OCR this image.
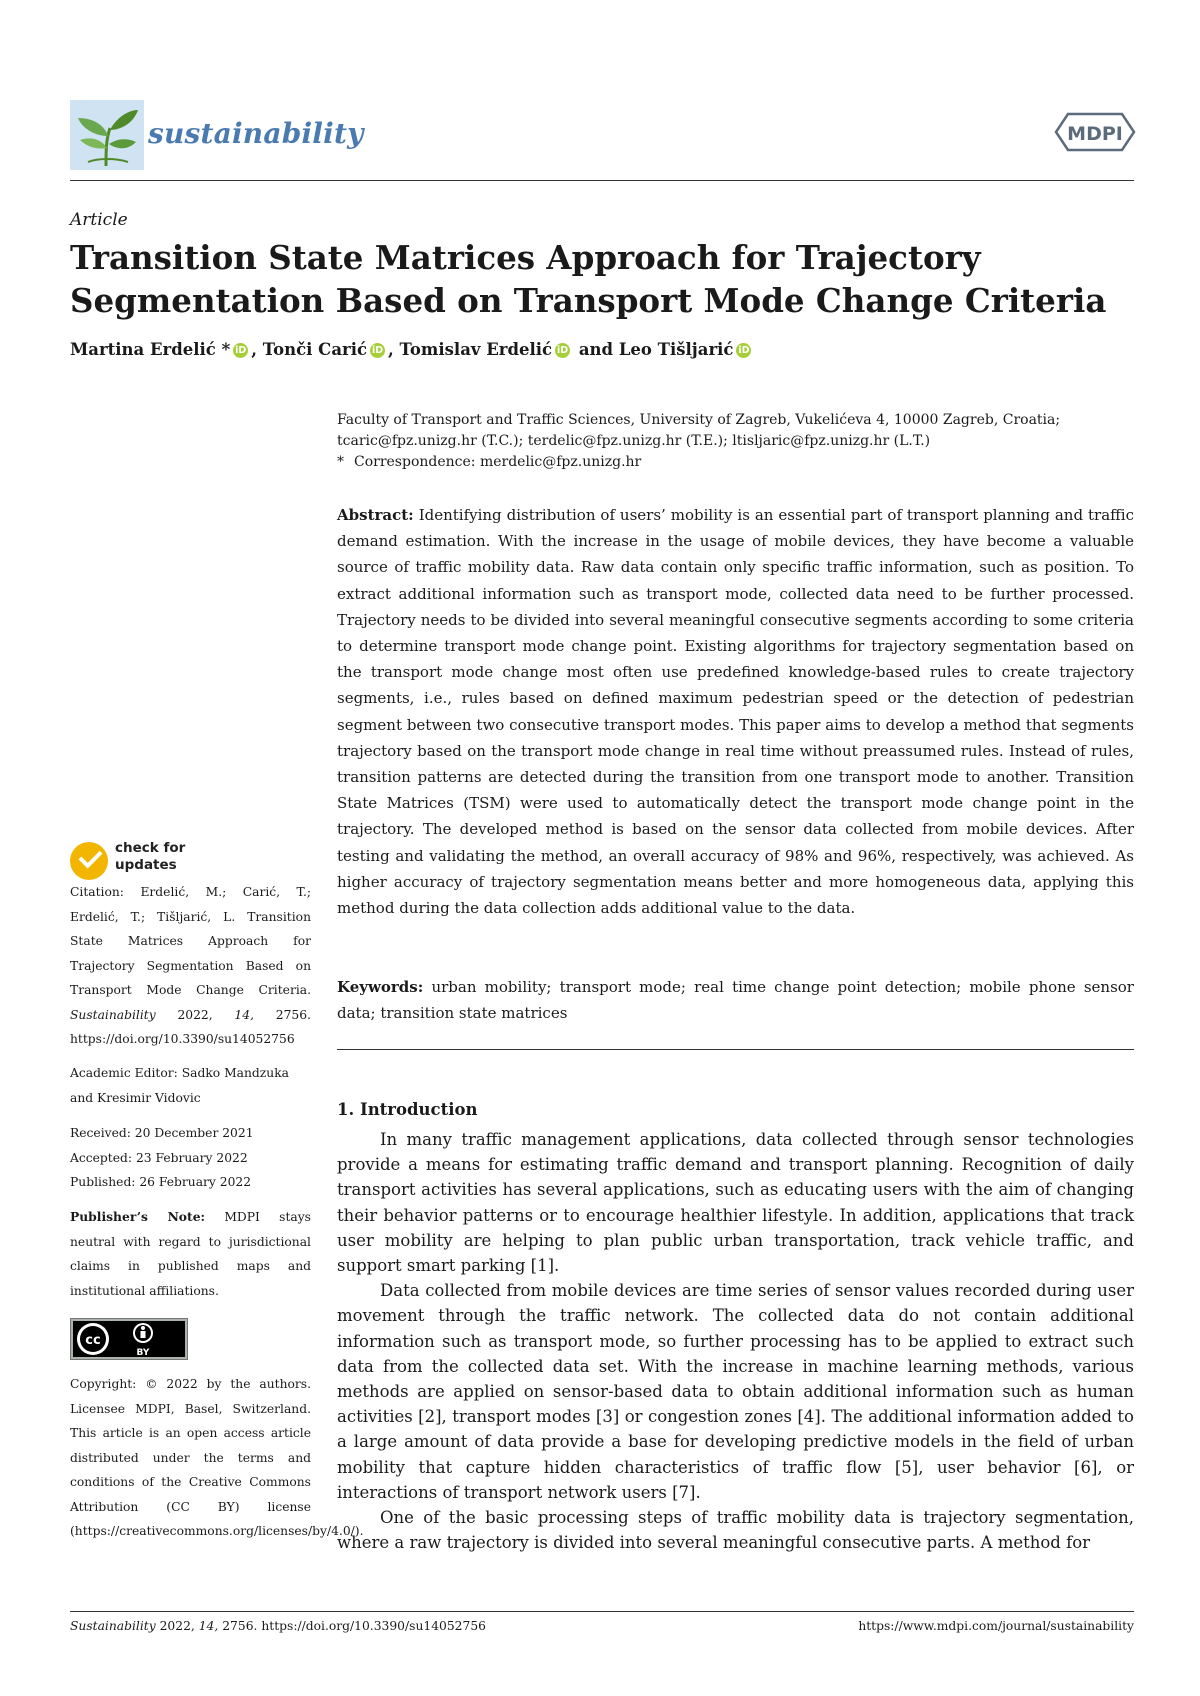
sustainability	MDPI
Article
Transition State Matrices Approach for Trajectory Segmentation Based on Transport Mode Change Criteria
Martina Erdelić * iD , Tonči Carić iD , Tomislav Erdelić iD and Leo Tišljarić iD
Faculty of Transport and Traffic Sciences, University of Zagreb, Vukelićeva 4, 10000 Zagreb, Croatia;
tcaric@fpz.unizg.hr (T.C.); terdelic@fpz.unizg.hr (T.E.); ltisljaric@fpz.unizg.hr (L.T.)
* Correspondence: merdelic@fpz.unizg.hr

Abstract: Identifying distribution of users’ mobility is an essential part of transport planning and traffic demand estimation. With the increase in the usage of mobile devices, they have become a valuable source of traffic mobility data. Raw data contain only specific traffic information, such as position. To extract additional information such as transport mode, collected data need to be further processed. Trajectory needs to be divided into several meaningful consecutive segments according to some criteria to determine transport mode change point. Existing algorithms for trajectory segmentation based on the transport mode change most often use predefined knowledge-based rules to create trajectory segments, i.e., rules based on defined maximum pedestrian speed or the detection of pedestrian segment between two consecutive transport modes. This paper aims to develop a method that segments trajectory based on the transport mode change in real time without preassumed rules. Instead of rules, transition patterns are detected during the transition from one transport mode to another. Transition State Matrices (TSM) were used to automatically detect the transport mode change point in the trajectory. The developed method is based on the sensor data collected from mobile devices. After testing and validating the method, an overall accuracy of 98% and 96%, respectively, was achieved. As higher accuracy of trajectory segmentation means better and more homogeneous data, applying this method during the data collection adds additional value to the data.

Keywords: urban mobility; transport mode; real time change point detection; mobile phone sensor data; transition state matrices

1. Introduction

In many traffic management applications, data collected through sensor technologies provide a means for estimating traffic demand and transport planning. Recognition of daily transport activities has several applications, such as educating users with the aim of changing their behavior patterns or to encourage healthier lifestyle. In addition, applications that track user mobility are helping to plan public urban transportation, track vehicle traffic, and support smart parking [1].

Data collected from mobile devices are time series of sensor values recorded during user movement through the traffic network. The collected data do not contain additional information such as transport mode, so further processing has to be applied to extract such data from the collected data set. With the increase in machine learning methods, various methods are applied on sensor-based data to obtain additional information such as human activities [2], transport modes [3] or congestion zones [4]. The additional information added to a large amount of data provide a base for developing predictive models in the field of urban mobility that capture hidden characteristics of traffic flow [5], user behavior [6], or interactions of transport network users [7].

One of the basic processing steps of traffic mobility data is trajectory segmentation, where a raw trajectory is divided into several meaningful consecutive parts. A method for

check for
updates
Citation: Erdelić, M.; Carić, T.; Erdelić, T.; Tišljarić, L. Transition State Matrices Approach for Trajectory Segmentation Based on Transport Mode Change Criteria. Sustainability 2022, 14, 2756. https://doi.org/10.3390/su14052756
Academic Editor: Sadko Mandzuka and Kresimir Vidovic
Received: 20 December 2021
Accepted: 23 February 2022
Published: 26 February 2022
Publisher’s Note: MDPI stays neutral with regard to jurisdictional claims in published maps and institutional affiliations.
cc
BY
Copyright: © 2022 by the authors. Licensee MDPI, Basel, Switzerland. This article is an open access article distributed under the terms and conditions of the Creative Commons Attribution (CC BY) license (https://creativecommons.org/licenses/by/4.0/).
Sustainability 2022, 14, 2756. https://doi.org/10.3390/su14052756	https://www.mdpi.com/journal/sustainability
